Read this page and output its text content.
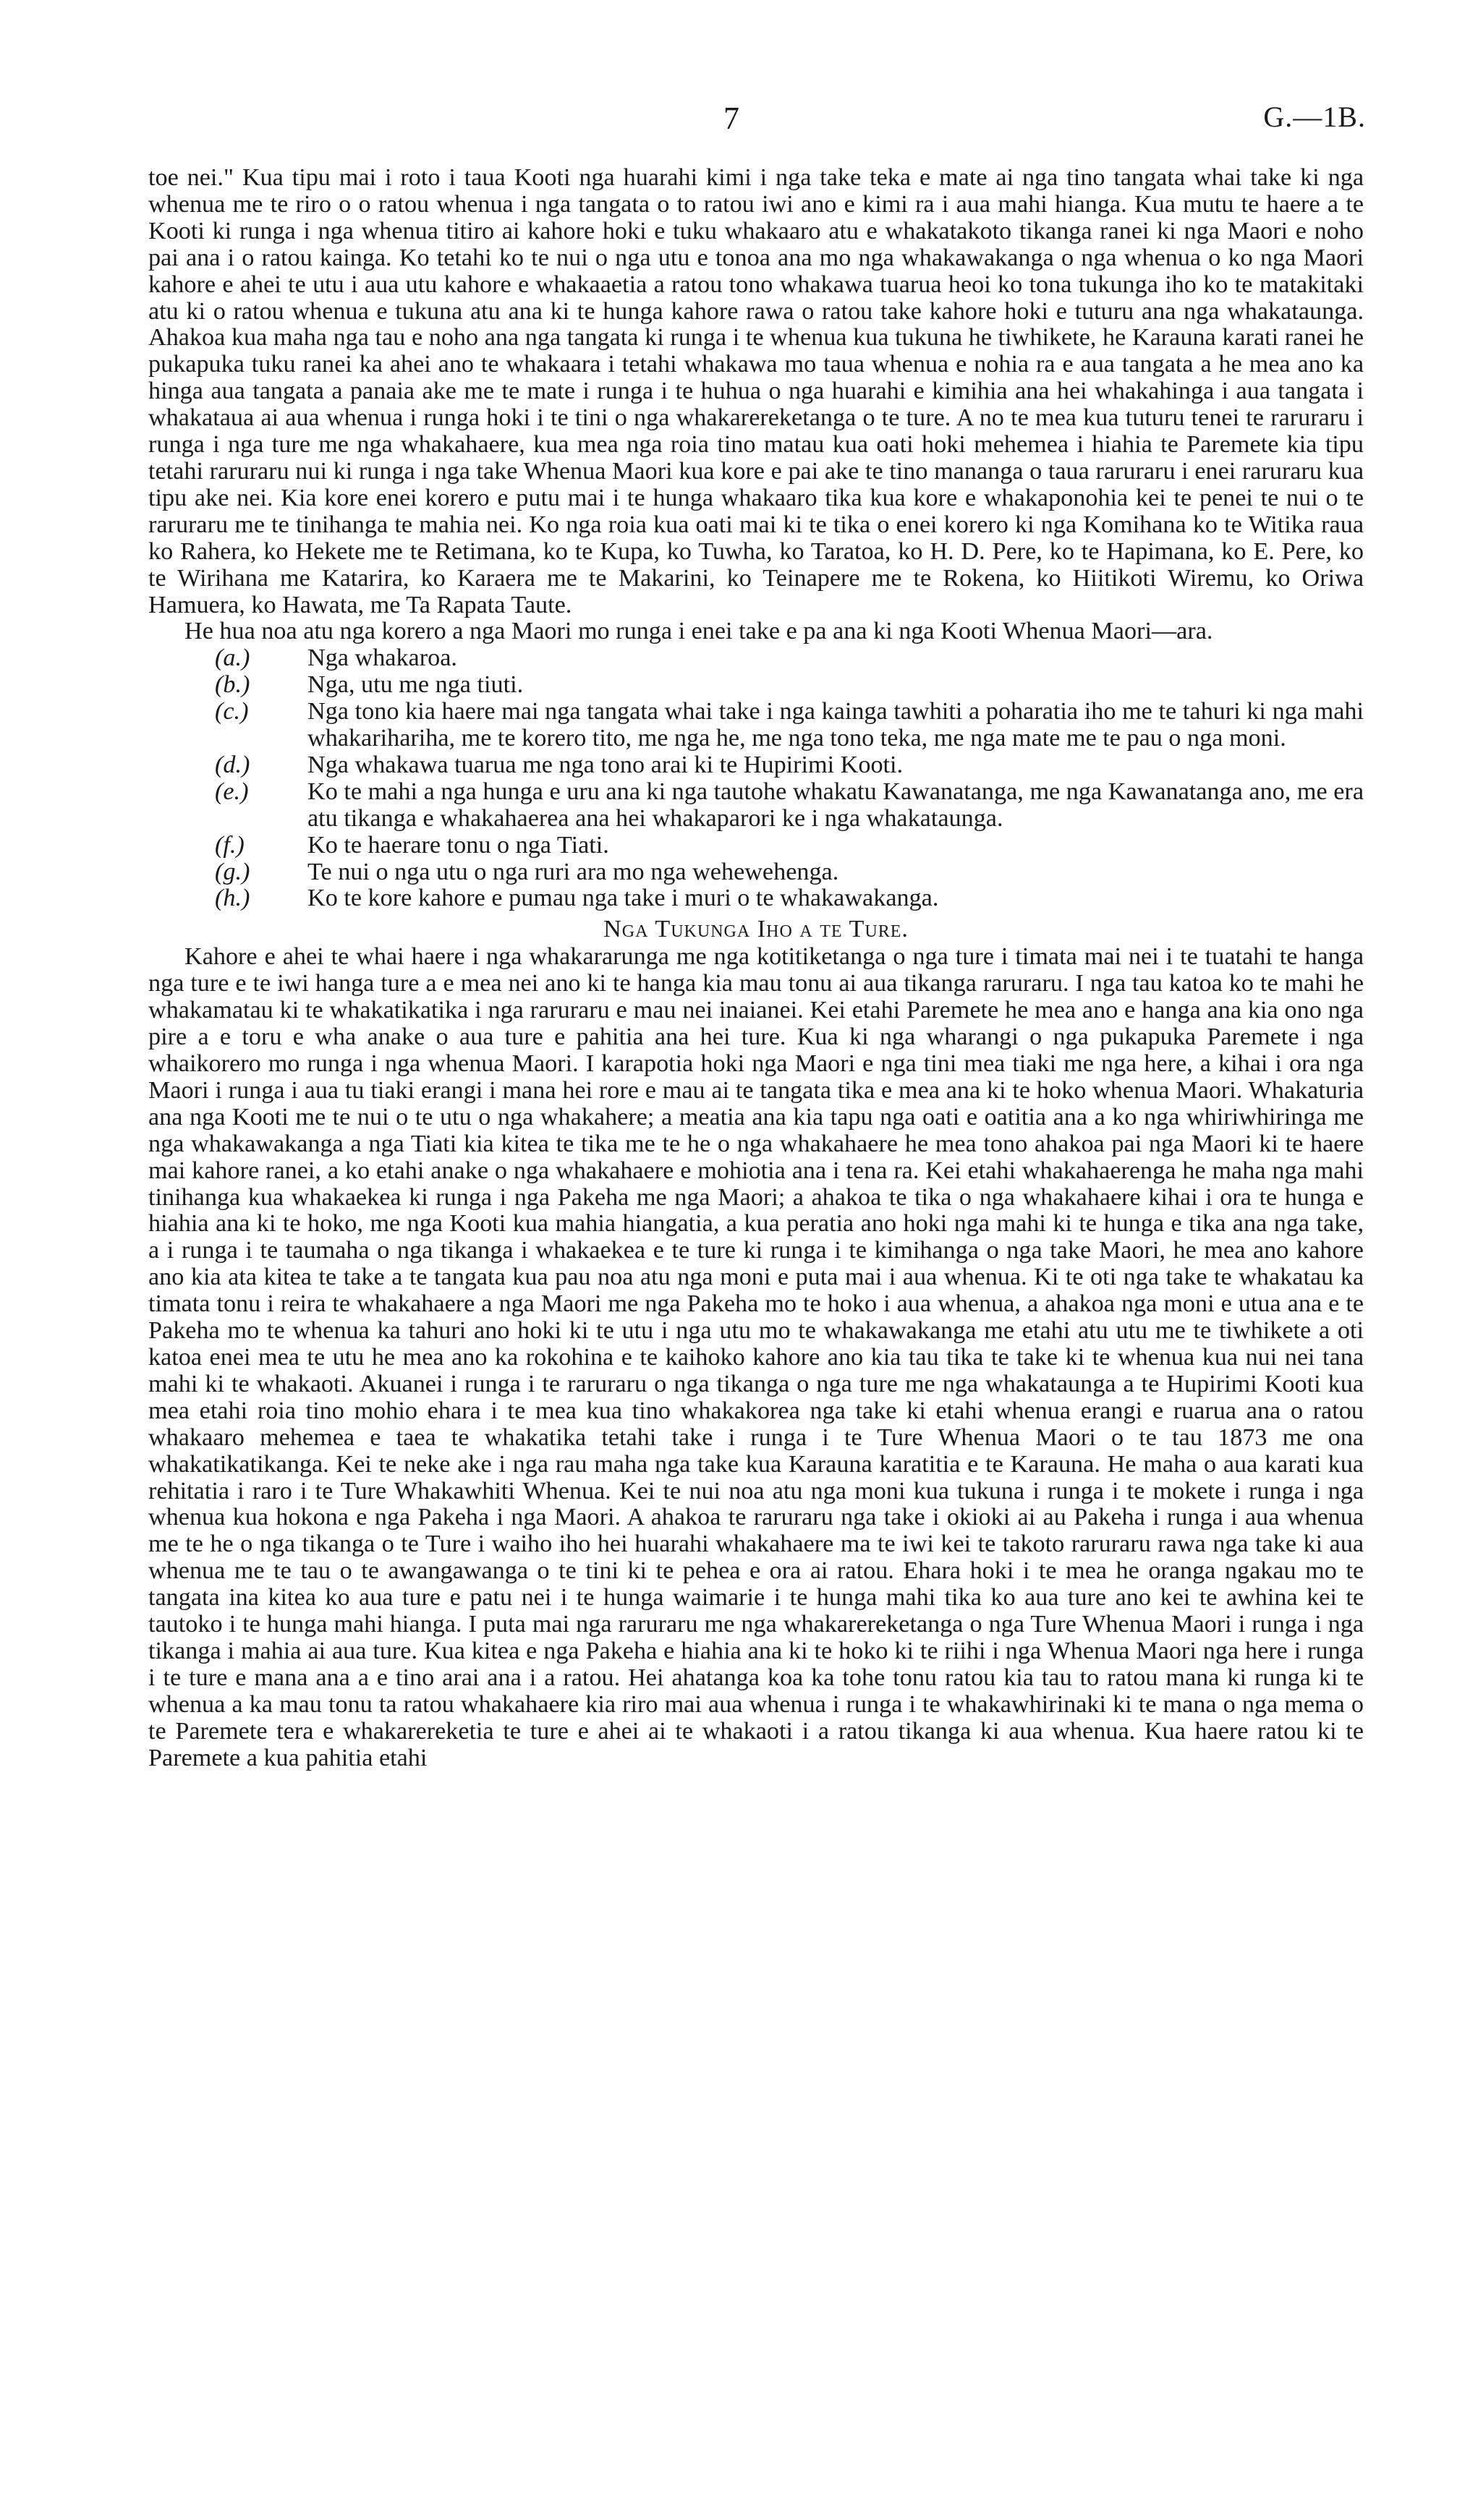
7	G.—1B.

toe nei." Kua tipu mai i roto i taua Kooti nga huarahi kimi i nga take teka e mate ai nga tino tangata whai take ki nga whenua me te riro o o ratou whenua i nga tangata o to ratou iwi ano e kimi ra i aua mahi hianga. Kua mutu te haere a te Kooti ki runga i nga whenua titiro ai kahore hoki e tuku whakaaro atu e whakatakoto tikanga ranei ki nga Maori e noho pai ana i o ratou kainga. Ko tetahi ko te nui o nga utu e tonoa ana mo nga whakawakanga o nga whenua o ko nga Maori kahore e ahei te utu i aua utu kahore e whakaaetia a ratou tono whakawa tuarua heoi ko tona tukunga iho ko te matakitaki atu ki o ratou whenua e tukuna atu ana ki te hunga kahore rawa o ratou take kahore hoki e tuturu ana nga whakataunga. Ahakoa kua maha nga tau e noho ana nga tangata ki runga i te whenua kua tukuna he tiwhikete, he Karauna karati ranei he pukapuka tuku ranei ka ahei ano te whakaara i tetahi whakawa mo taua whenua e nohia ra e aua tangata a he mea ano ka hinga aua tangata a panaia ake me te mate i runga i te huhua o nga huarahi e kimihia ana hei whakahinga i aua tangata i whakataua ai aua whenua i runga hoki i te tini o nga whakarereketanga o te ture. A no te mea kua tuturu tenei te raruraru i runga i nga ture me nga whakahaere, kua mea nga roia tino matau kua oati hoki mehemea i hiahia te Paremete kia tipu tetahi raruraru nui ki runga i nga take Whenua Maori kua kore e pai ake te tino mananga o taua raruraru i enei raruraru kua tipu ake nei. Kia kore enei korero e putu mai i te hunga whakaaro tika kua kore e whakaponohia kei te penei te nui o te raruraru me te tinihanga te mahia nei. Ko nga roia kua oati mai ki te tika o enei korero ki nga Komihana ko te Witika raua ko Rahera, ko Hekete me te Retimana, ko te Kupa, ko Tuwha, ko Taratoa, ko H. D. Pere, ko te Hapimana, ko E. Pere, ko te Wirihana me Katarira, ko Karaera me te Makarini, ko Teinapere me te Rokena, ko Hiitikoti Wiremu, ko Oriwa Hamuera, ko Hawata, me Ta Rapata Taute.

He hua noa atu nga korero a nga Maori mo runga i enei take e pa ana ki nga Kooti Whenua Maori—ara.

(a.) Nga whakaroa.
(b.) Nga, utu me nga tiuti.
(c.) Nga tono kia haere mai nga tangata whai take i nga kainga tawhiti a poharatia iho me te tahuri ki nga mahi whakarihariha, me te korero tito, me nga he, me nga tono teka, me nga mate me te pau o nga moni.
(d.) Nga whakawa tuarua me nga tono arai ki te Hupirimi Kooti.
(e.) Ko te mahi a nga hunga e uru ana ki nga tautohe whakatu Kawanatanga, me nga Kawanatanga ano, me era atu tikanga e whakahaerea ana hei whakaparori ke i nga whakataunga.
(f.)	Ko te haerare tonu o nga Tiati.
(g.) Te nui o nga utu o nga ruri ara mo nga wehewehenga.
(h.) Ko te kore kahore e pumau nga take i muri o te whakawakanga.
Nga Tukunga Iho a te Ture.

Kahore e ahei te whai haere i nga whakararunga me nga kotitiketanga o nga ture i timata mai nei i te tuatahi te hanga nga ture e te iwi hanga ture a e mea nei ano ki te hanga kia mau tonu ai aua tikanga raruraru. I nga tau katoa ko te mahi he whakamatau ki te whakatikatika i nga raruraru e mau nei inaianei. Kei etahi Paremete he mea ano e hanga ana kia ono nga pire a e toru e wha anake o aua ture e pahitia ana hei ture. Kua ki nga wharangi o nga pukapuka Paremete i nga whaikorero mo runga i nga whenua Maori. I karapotia hoki nga Maori e nga tini mea tiaki me nga here, a kihai i ora nga Maori i runga i aua tu tiaki erangi i mana hei rore e mau ai te tangata tika e mea ana ki te hoko whenua Maori. Whakaturia ana nga Kooti me te nui o te utu o nga whakahere; a meatia ana kia tapu nga oati e oatitia ana a ko nga whiriwhiringa me nga whakawakanga a nga Tiati kia kitea te tika me te he o nga whakahaere he mea tono ahakoa pai nga Maori ki te haere mai kahore ranei, a ko etahi anake o nga whakahaere e mohiotia ana i tena ra. Kei etahi whakahaerenga he maha nga mahi tinihanga kua whakaekea ki runga i nga Pakeha me nga Maori; a ahakoa te tika o nga whakahaere kihai i ora te hunga e hiahia ana ki te hoko, me nga Kooti kua mahia hiangatia, a kua peratia ano hoki nga mahi ki te hunga e tika ana nga take, a i runga i te taumaha o nga tikanga i whakaekea e te ture ki runga i te kimihanga o nga take Maori, he mea ano kahore ano kia ata kitea te take a te tangata kua pau noa atu nga moni e puta mai i aua whenua. Ki te oti nga take te whakatau ka timata tonu i reira te whakahaere a nga Maori me nga Pakeha mo te hoko i aua whenua, a ahakoa nga moni e utua ana e te Pakeha mo te whenua ka tahuri ano hoki ki te utu i nga utu mo te whakawakanga me etahi atu utu me te tiwhikete a oti katoa enei mea te utu he mea ano ka rokohina e te kaihoko kahore ano kia tau tika te take ki te whenua kua nui nei tana mahi ki te whakaoti. Akuanei i runga i te raruraru o nga tikanga o nga ture me nga whakataunga a te Hupirimi Kooti kua mea etahi roia tino mohio ehara i te mea kua tino whakakorea nga take ki etahi whenua erangi e ruarua ana o ratou whakaaro mehemea e taea te whakatika tetahi take i runga i te Ture Whenua Maori o te tau 1873 me ona whakatikatikanga. Kei te neke ake i nga rau maha nga take kua Karauna karatitia e te Karauna. He maha o aua karati kua rehitatia i raro i te Ture Whakawhiti Whenua. Kei te nui noa atu nga moni kua tukuna i runga i te mokete i runga i nga whenua kua hokona e nga Pakeha i nga Maori. A ahakoa te raruraru nga take i okioki ai au Pakeha i runga i aua whenua me te he o nga tikanga o te Ture i waiho iho hei huarahi whakahaere ma te iwi kei te takoto raruraru rawa nga take ki aua whenua me te tau o te awangawanga o te tini ki te pehea e ora ai ratou. Ehara hoki i te mea he oranga ngakau mo te tangata ina kitea ko aua ture e patu nei i te hunga waimarie i te hunga mahi tika ko aua ture ano kei te awhina kei te tautoko i te hunga mahi hianga. I puta mai nga raruraru me nga whakarereketanga o nga Ture Whenua Maori i runga i nga tikanga i mahia ai aua ture. Kua kitea e nga Pakeha e hiahia ana ki te hoko ki te riihi i nga Whenua Maori nga here i runga i te ture e mana ana a e tino arai ana i a ratou. Hei ahatanga koa ka tohe tonu ratou kia tau to ratou mana ki runga ki te whenua a ka mau tonu ta ratou whakahaere kia riro mai aua whenua i runga i te whakawhirinaki ki te mana o nga mema o te Paremete tera e whakarereketia te ture e ahei ai te whakaoti i a ratou tikanga ki aua whenua. Kua haere ratou ki te Paremete a kua pahitia etahi
